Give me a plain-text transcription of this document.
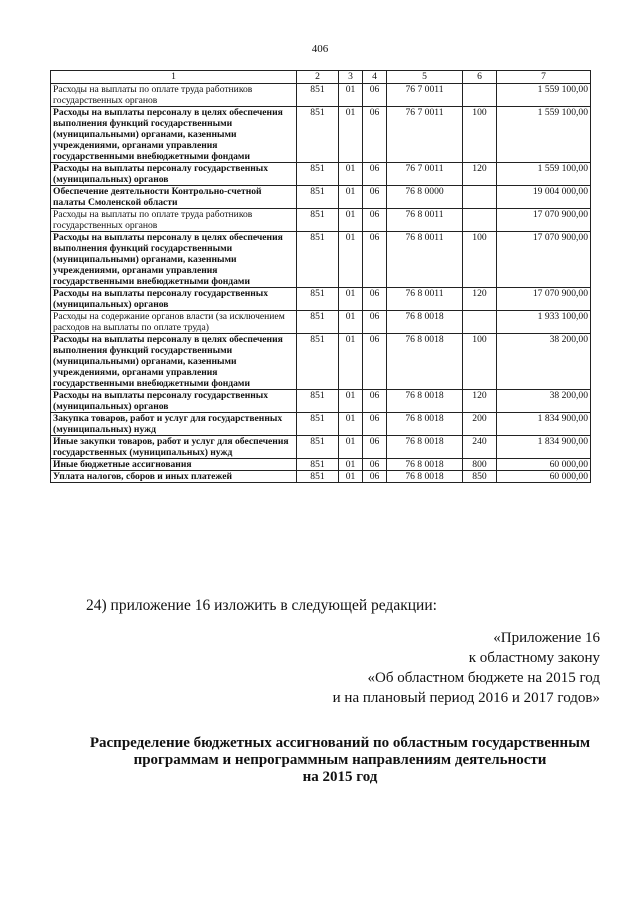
406
1	2	3	4	5	6	7
Расходы на выплаты по оплате труда работников государственных органов	851	01	06	76 7 0011		1 559 100,00
Расходы на выплаты персоналу в целях обеспечения выполнения функций государственными (муниципальными) органами, казенными учреждениями, органами управления государственными внебюджетными фондами	851	01	06	76 7 0011	100	1 559 100,00
Расходы на выплаты персоналу государственных (муниципальных) органов	851	01	06	76 7 0011	120	1 559 100,00
Обеспечение деятельности Контрольно-счетной палаты Смоленской области	851	01	06	76 8 0000		19 004 000,00
Расходы на выплаты по оплате труда работников государственных органов	851	01	06	76 8 0011		17 070 900,00
Расходы на выплаты персоналу в целях обеспечения выполнения функций государственными (муниципальными) органами, казенными учреждениями, органами управления государственными внебюджетными фондами	851	01	06	76 8 0011	100	17 070 900,00
Расходы на выплаты персоналу государственных (муниципальных) органов	851	01	06	76 8 0011	120	17 070 900,00
Расходы на содержание органов власти (за исключением расходов на выплаты по оплате труда)	851	01	06	76 8 0018		1 933 100,00
Расходы на выплаты персоналу в целях обеспечения выполнения функций государственными (муниципальными) органами, казенными учреждениями, органами управления государственными внебюджетными фондами	851	01	06	76 8 0018	100	38 200,00
Расходы на выплаты персоналу государственных (муниципальных) органов	851	01	06	76 8 0018	120	38 200,00
Закупка товаров, работ и услуг для государственных (муниципальных) нужд	851	01	06	76 8 0018	200	1 834 900,00
Иные закупки товаров, работ и услуг для обеспечения государственных (муниципальных) нужд	851	01	06	76 8 0018	240	1 834 900,00
Иные бюджетные ассигнования	851	01	06	76 8 0018	800	60 000,00
Уплата налогов, сборов и иных платежей	851	01	06	76 8 0018	850	60 000,00
24) приложение 16 изложить в следующей редакции:
«Приложение 16
к областному закону
«Об областном бюджете на 2015 год
и на плановый период 2016 и 2017 годов»
Распределение бюджетных ассигнований по областным государственным
программам и непрограммным направлениям деятельности
на 2015 год
